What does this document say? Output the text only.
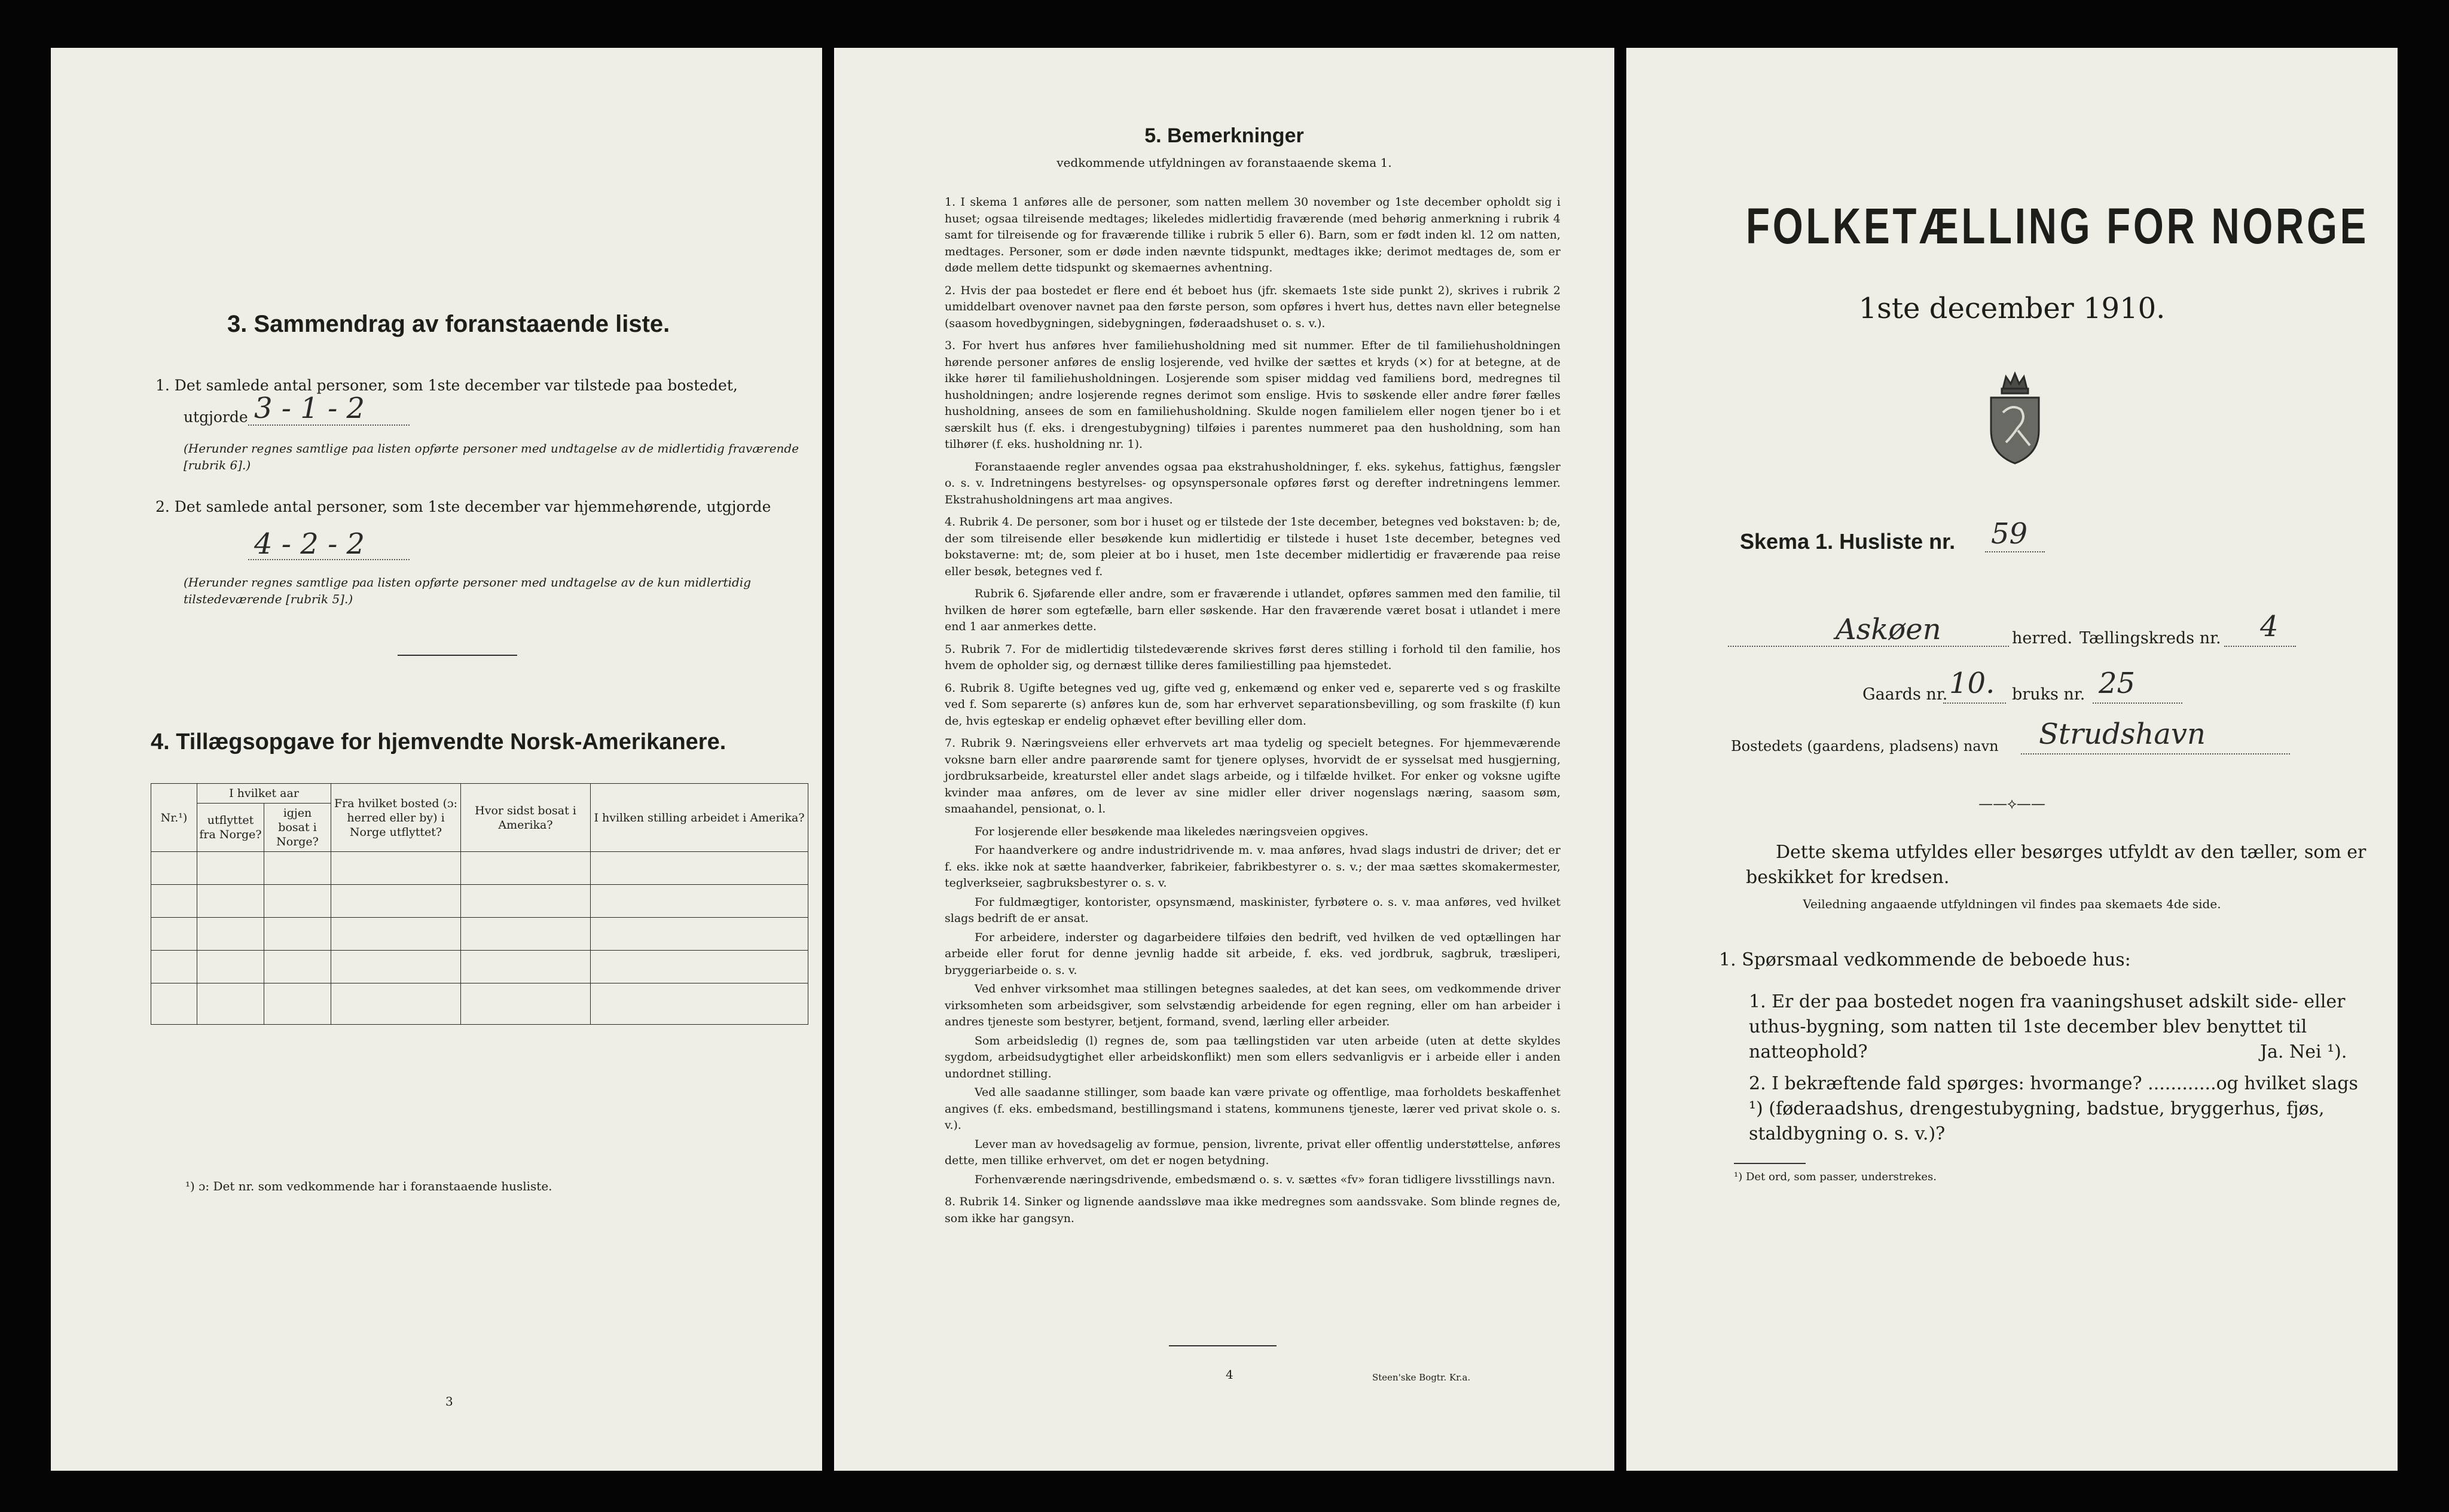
3. Sammendrag av foranstaaende liste.
1. Det samlede antal personer, som 1ste december var tilstede paa bostedet,
utgjorde 3 - 1 - 2
(Herunder regnes samtlige paa listen opførte personer med undtagelse av de midlertidig fraværende [rubrik 6].)
2. Det samlede antal personer, som 1ste december var hjemmehørende, utgjorde
4 - 2 - 2
(Herunder regnes samtlige paa listen opførte personer med undtagelse av de kun midlertidig tilstedeværende [rubrik 5].)
4. Tillægsopgave for hjemvendte Norsk-Amerikanere.
Nr.¹)	I hvilket aar		Fra hvilket bosted (ɔ: herred eller by) i Norge utflyttet?	Hvor sidst bosat i Amerika?	I hvilken stilling arbeidet i Amerika?
	utflyttet fra Norge?	igjen bosat i Norge?			

¹) ɔ: Det nr. som vedkommende har i foranstaaende husliste.
3
5. Bemerkninger
vedkommende utfyldningen av foranstaaende skema 1.

1. I skema 1 anføres alle de personer, som natten mellem 30 november og 1ste december opholdt sig i huset; ogsaa tilreisende medtages; likeledes midlertidig fraværende (med behørig anmerkning i rubrik 4 samt for tilreisende og for fraværende tillike i rubrik 5 eller 6). Barn, som er født inden kl. 12 om natten, medtages. Personer, som er døde inden nævnte tidspunkt, medtages ikke; derimot medtages de, som er døde mellem dette tidspunkt og skemaernes avhentning.

2. Hvis der paa bostedet er flere end ét beboet hus (jfr. skemaets 1ste side punkt 2), skrives i rubrik 2 umiddelbart ovenover navnet paa den første person, som opføres i hvert hus, dettes navn eller betegnelse (saasom hovedbygningen, sidebygningen, føderaadshuset o. s. v.).

3. For hvert hus anføres hver familiehusholdning med sit nummer. Efter de til familiehusholdningen hørende personer anføres de enslig losjerende, ved hvilke der sættes et kryds (×) for at betegne, at de ikke hører til familiehusholdningen. Losjerende som spiser middag ved familiens bord, medregnes til husholdningen; andre losjerende regnes derimot som enslige. Hvis to søskende eller andre fører fælles husholdning, ansees de som en familiehusholdning. Skulde nogen familielem eller nogen tjener bo i et særskilt hus (f. eks. i drengestubygning) tilføies i parentes nummeret paa den husholdning, som han tilhører (f. eks. husholdning nr. 1).

Foranstaaende regler anvendes ogsaa paa ekstrahusholdninger, f. eks. sykehus, fattighus, fængsler o. s. v. Indretningens bestyrelses- og opsynspersonale opføres først og derefter indretningens lemmer. Ekstrahusholdningens art maa angives.

4. Rubrik 4. De personer, som bor i huset og er tilstede der 1ste december, betegnes ved bokstaven: b; de, der som tilreisende eller besøkende kun midlertidig er tilstede i huset 1ste december, betegnes ved bokstaverne: mt; de, som pleier at bo i huset, men 1ste december midlertidig er fraværende paa reise eller besøk, betegnes ved f.

Rubrik 6. Sjøfarende eller andre, som er fraværende i utlandet, opføres sammen med den familie, til hvilken de hører som egtefælle, barn eller søskende. Har den fraværende været bosat i utlandet i mere end 1 aar anmerkes dette.

5. Rubrik 7. For de midlertidig tilstedeværende skrives først deres stilling i forhold til den familie, hos hvem de opholder sig, og dernæst tillike deres familiestilling paa hjemstedet.

6. Rubrik 8. Ugifte betegnes ved ug, gifte ved g, enkemænd og enker ved e, separerte ved s og fraskilte ved f. Som separerte (s) anføres kun de, som har erhvervet separationsbevilling, og som fraskilte (f) kun de, hvis egteskap er endelig ophævet efter bevilling eller dom.

7. Rubrik 9. Næringsveiens eller erhvervets art maa tydelig og specielt betegnes. For hjemmeværende voksne barn eller andre paarørende samt for tjenere oplyses, hvorvidt de er sysselsat med husgjerning, jordbruksarbeide, kreaturstel eller andet slags arbeide, og i tilfælde hvilket. For enker og voksne ugifte kvinder maa anføres, om de lever av sine midler eller driver nogenslags næring, saasom søm, smaahandel, pensionat, o. l.

For losjerende eller besøkende maa likeledes næringsveien opgives.

For haandverkere og andre industridrivende m. v. maa anføres, hvad slags industri de driver; det er f. eks. ikke nok at sætte haandverker, fabrikeier, fabrikbestyrer o. s. v.; der maa sættes skomakermester, teglverkseier, sagbruksbestyrer o. s. v.

For fuldmægtiger, kontorister, opsynsmænd, maskinister, fyrbøtere o. s. v. maa anføres, ved hvilket slags bedrift de er ansat.

For arbeidere, inderster og dagarbeidere tilføies den bedrift, ved hvilken de ved optællingen har arbeide eller forut for denne jevnlig hadde sit arbeide, f. eks. ved jordbruk, sagbruk, træsliperi, bryggeriarbeide o. s. v.

Ved enhver virksomhet maa stillingen betegnes saaledes, at det kan sees, om vedkommende driver virksomheten som arbeidsgiver, som selvstændig arbeidende for egen regning, eller om han arbeider i andres tjeneste som bestyrer, betjent, formand, svend, lærling eller arbeider.

Som arbeidsledig (l) regnes de, som paa tællingstiden var uten arbeide (uten at dette skyldes sygdom, arbeidsudygtighet eller arbeidskonflikt) men som ellers sedvanligvis er i arbeide eller i anden undordnet stilling.

Ved alle saadanne stillinger, som baade kan være private og offentlige, maa forholdets beskaffenhet angives (f. eks. embedsmand, bestillingsmand i statens, kommunens tjeneste, lærer ved privat skole o. s. v.).

Lever man av hovedsagelig av formue, pension, livrente, privat eller offentlig understøttelse, anføres dette, men tillike erhvervet, om det er nogen betydning.

Forhenværende næringsdrivende, embedsmænd o. s. v. sættes «fv» foran tidligere livsstillings navn.

8. Rubrik 14. Sinker og lignende aandssløve maa ikke medregnes som aandssvake. Som blinde regnes de, som ikke har gangsyn.

4	Steen'ske Bogtr. Kr.a.
FOLKETÆLLING FOR NORGE
1ste december 1910.
Skema 1. Husliste nr. 59
Askøen	herred. Tællingskreds nr. 4
Gaards nr. 10. bruks nr. 25
Bostedets (gaardens, pladsens) navn Strudshavn
——⟡——
Dette skema utfyldes eller besørges utfyldt av den tæller, som er beskikket for kredsen.
Veiledning angaaende utfyldningen vil findes paa skemaets 4de side.
1. Spørsmaal vedkommende de beboede hus:
1. Er der paa bostedet nogen fra vaaningshuset adskilt side- eller uthus-bygning, som natten til 1ste december blev benyttet til natteophold?	Ja. Nei ¹).
2. I bekræftende fald spørges: hvormange? ............og hvilket slags ¹) (føderaadshus, drengestubygning, badstue, bryggerhus, fjøs, staldbygning o. s. v.)?
¹) Det ord, som passer, understrekes.
